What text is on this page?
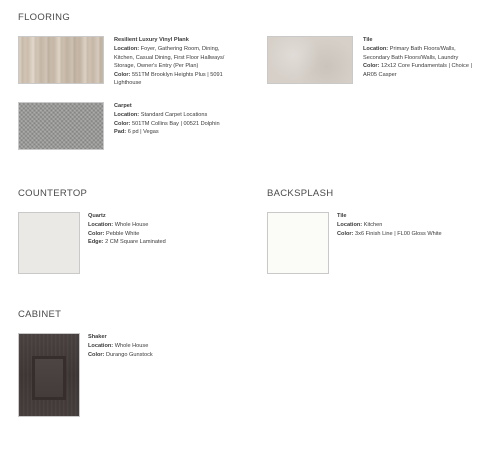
FLOORING
Resilient Luxury Vinyl Plank
Location: Foyer, Gathering Room, Dining,
Kitchen, Casual Dining, First Floor Hallways/
Storage, Owner's Entry (Per Plan)
Color: 551TM Brooklyn Heights Plus | 5091
Lighthouse
Tile
Location: Primary Bath Floors/Walls,
Secondary Bath Floors/Walls, Laundry
Color: 12x12 Core Fundamentals | Choice |
AR05 Casper
Carpet
Location: Standard Carpet Locations
Color: 501TM Collins Bay | 00521 Dolphin
Pad: 6 pd | Vegas
COUNTERTOP
Quartz
Location: Whole House
Color: Pebble White
Edge: 2 CM Square Laminated
BACKSPLASH
Tile
Location: Kitchen
Color: 3x6 Finish Line | FL00 Gloss White
CABINET
Shaker
Location: Whole House
Color: Durango Gunstock
